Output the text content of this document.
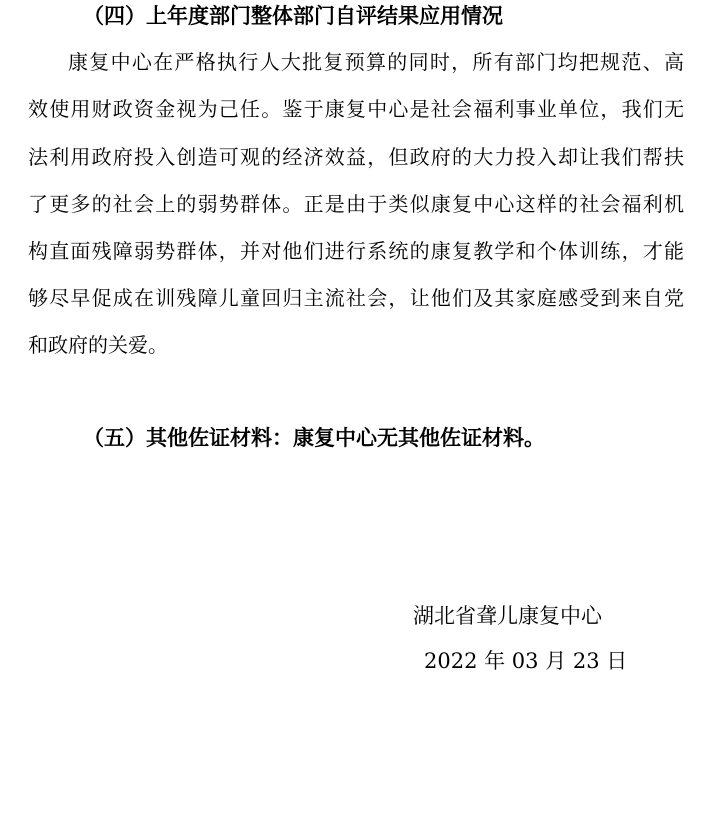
（四）上年度部门整体部门自评结果应用情况
康复中心在严格执行人大批复预算的同时，所有部门均把规范、高
效使用财政资金视为己任。鉴于康复中心是社会福利事业单位，我们无
法利用政府投入创造可观的经济效益，但政府的大力投入却让我们帮扶
了更多的社会上的弱势群体。正是由于类似康复中心这样的社会福利机
构直面残障弱势群体，并对他们进行系统的康复教学和个体训练，才能
够尽早促成在训残障儿童回归主流社会，让他们及其家庭感受到来自党
和政府的关爱。
（五）其他佐证材料：康复中心无其他佐证材料。
湖北省聋儿康复中心
2022 年 03 月 23 日
